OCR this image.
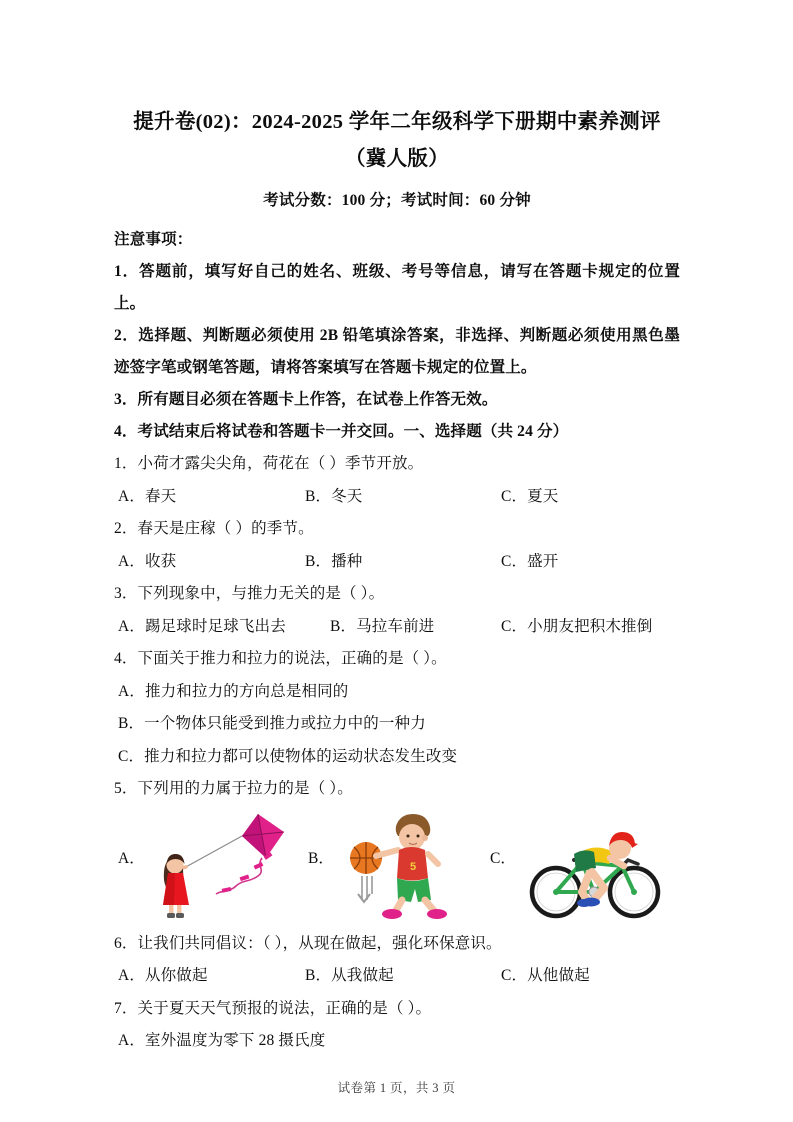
提升卷(02)：2024-2025 学年二年级科学下册期中素养测评
（冀人版）
考试分数：100 分；考试时间：60 分钟
注意事项：
1．答题前，填写好自己的姓名、班级、考号等信息，请写在答题卡规定的位置上。
2．选择题、判断题必须使用 2B 铅笔填涂答案，非选择、判断题必须使用黑色墨迹签字笔或钢笔答题，请将答案填写在答题卡规定的位置上。
3．所有题目必须在答题卡上作答，在试卷上作答无效。
4．考试结束后将试卷和答题卡一并交回。一、选择题（共 24 分）
1．小荷才露尖尖角，荷花在（ ）季节开放。
A．春天	B．冬天	C．夏天
2．春天是庄稼（ ）的季节。
A．收获	B．播种	C．盛开
3．下列现象中，与推力无关的是（ ）。
A．踢足球时足球飞出去	B．马拉车前进	C．小朋友把积木推倒
4．下面关于推力和拉力的说法，正确的是（ ）。
A．推力和拉力的方向总是相同的
B．一个物体只能受到推力或拉力中的一种力
C．推力和拉力都可以使物体的运动状态发生改变
5．下列用的力属于拉力的是（ ）。
A．	B．	5	C．
6．让我们共同倡议：（ ），从现在做起，强化环保意识。
A．从你做起	B．从我做起	C．从他做起
7．关于夏天天气预报的说法，正确的是（ ）。
A．室外温度为零下 28 摄氏度
试卷第 1 页，共 3 页
